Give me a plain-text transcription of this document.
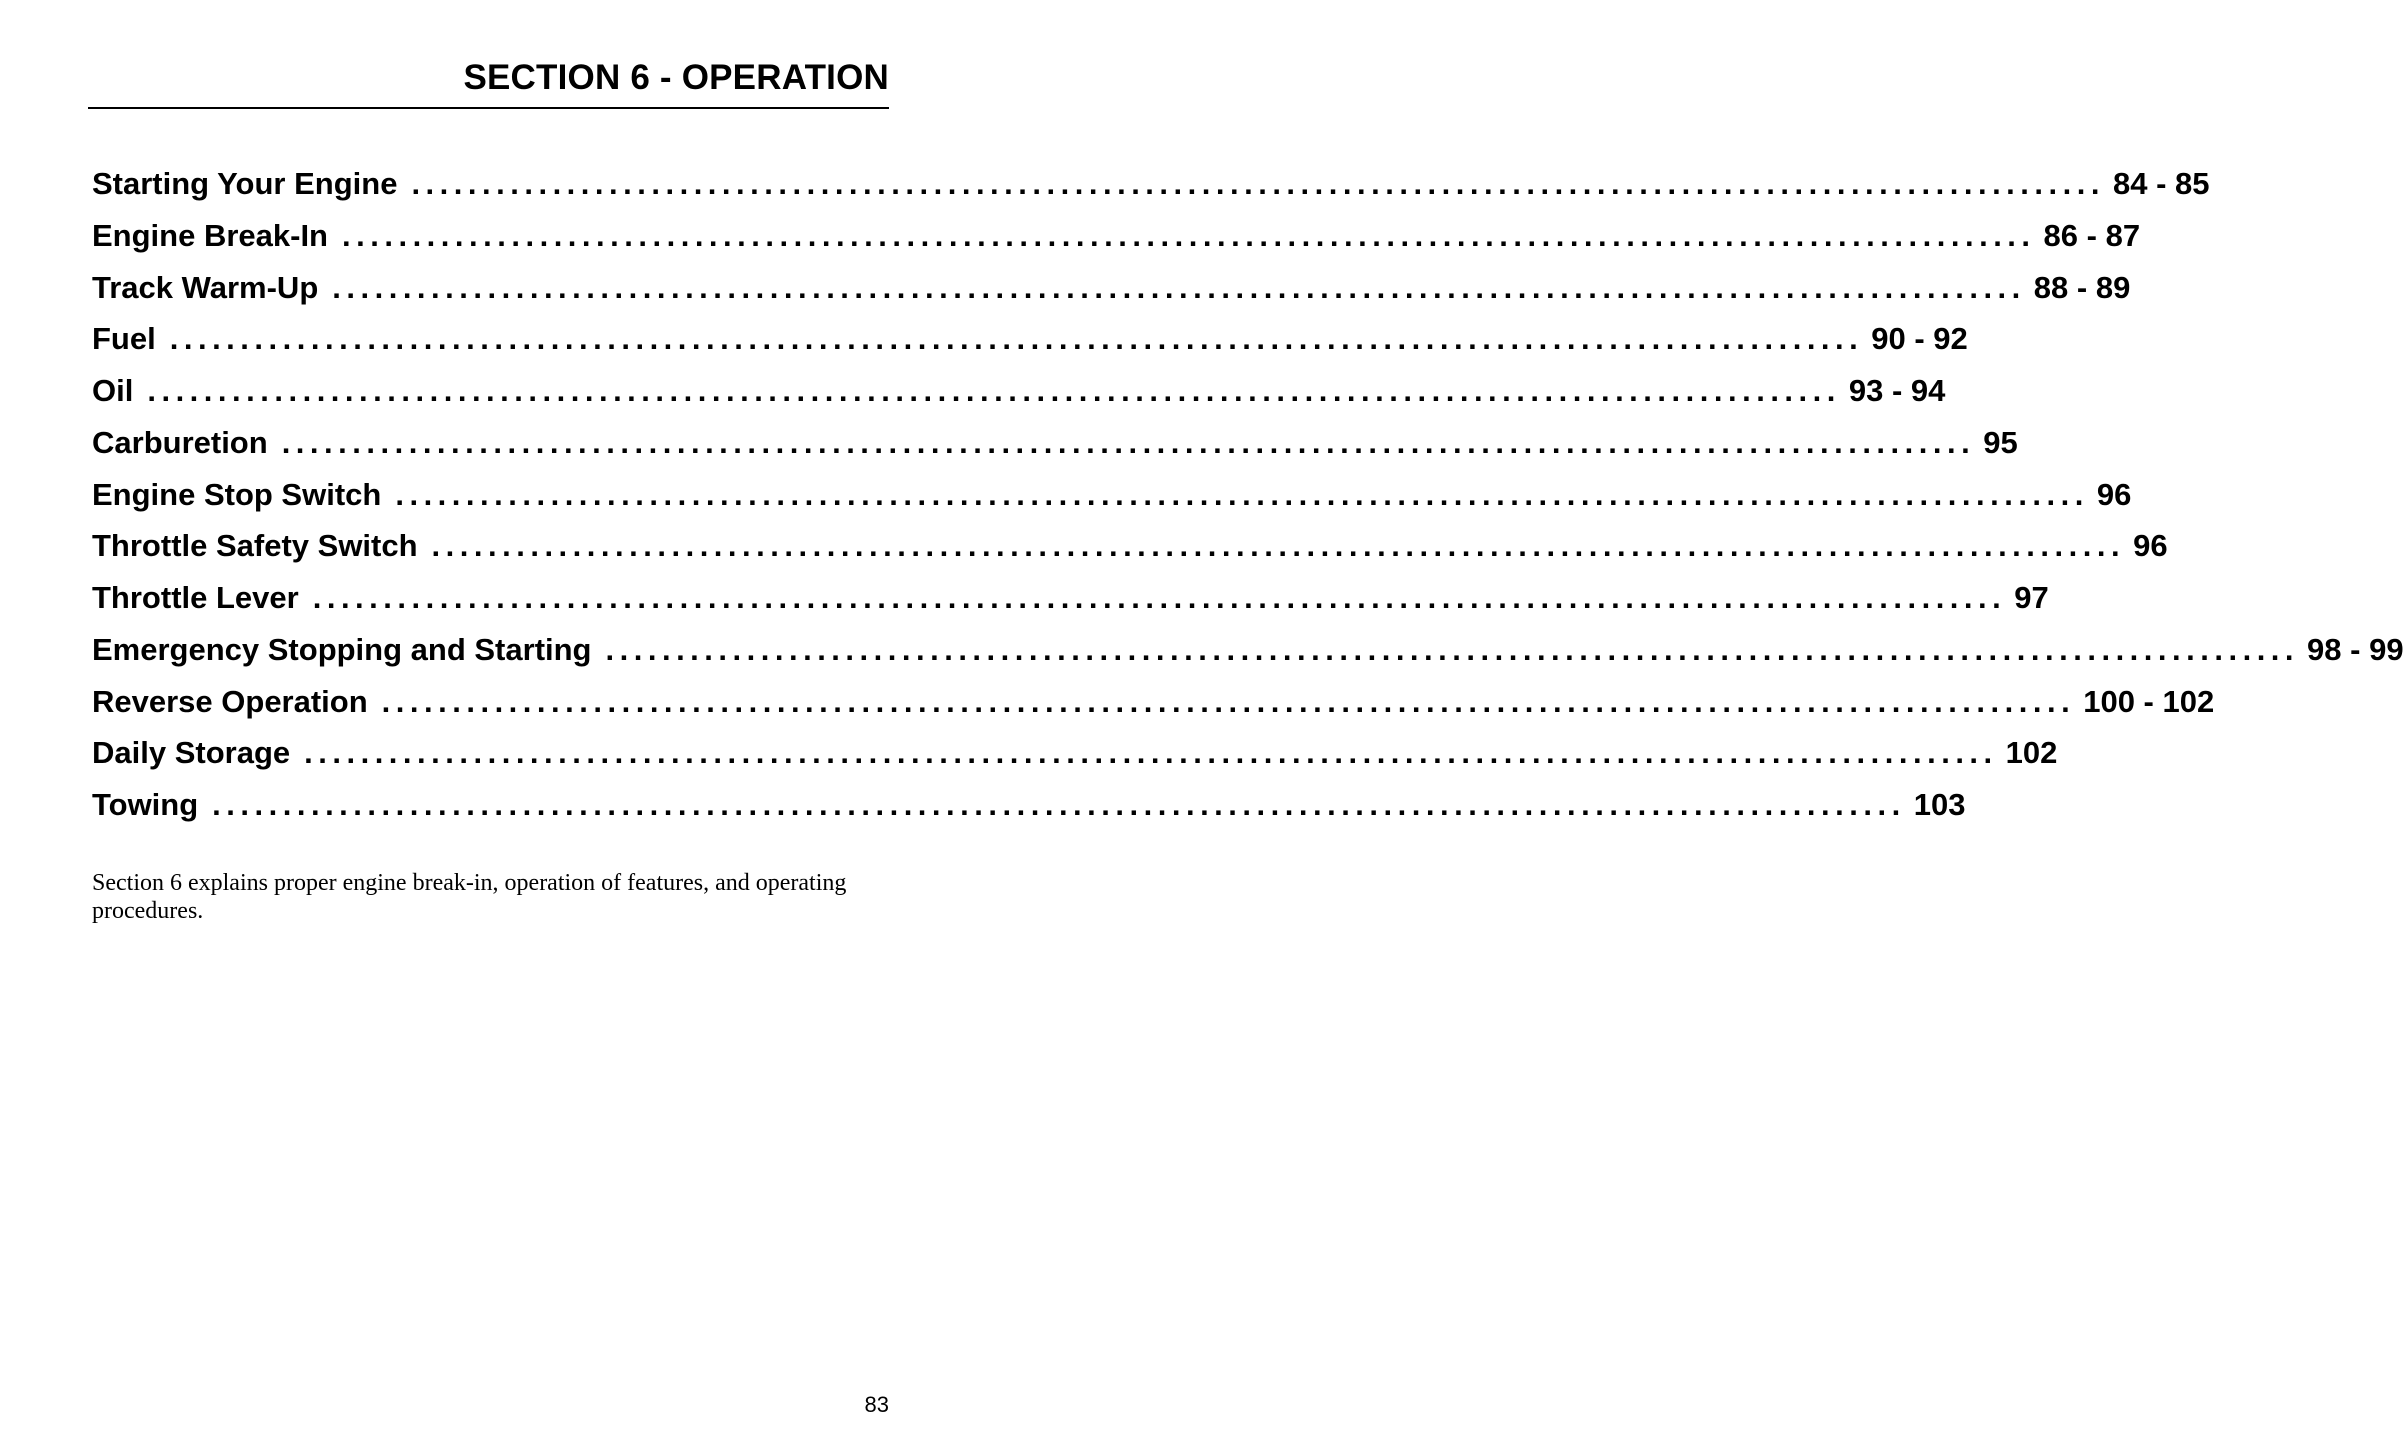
SECTION 6 - OPERATION
Starting Your Engine ........................................................................................................................ 84 - 85
Engine Break-In ........................................................................................................................ 86 - 87
Track Warm-Up ........................................................................................................................ 88 - 89
Fuel ........................................................................................................................ 90 - 92
Oil ........................................................................................................................ 93 - 94
Carburetion ........................................................................................................................ 95
Engine Stop Switch ........................................................................................................................ 96
Throttle Safety Switch ........................................................................................................................ 96
Throttle Lever ........................................................................................................................ 97
Emergency Stopping and Starting ........................................................................................................................ 98 - 99
Reverse Operation ........................................................................................................................ 100 - 102
Daily Storage ........................................................................................................................ 102
Towing ........................................................................................................................ 103

Section 6 explains proper engine break-in, operation of features, and operating procedures.

83
